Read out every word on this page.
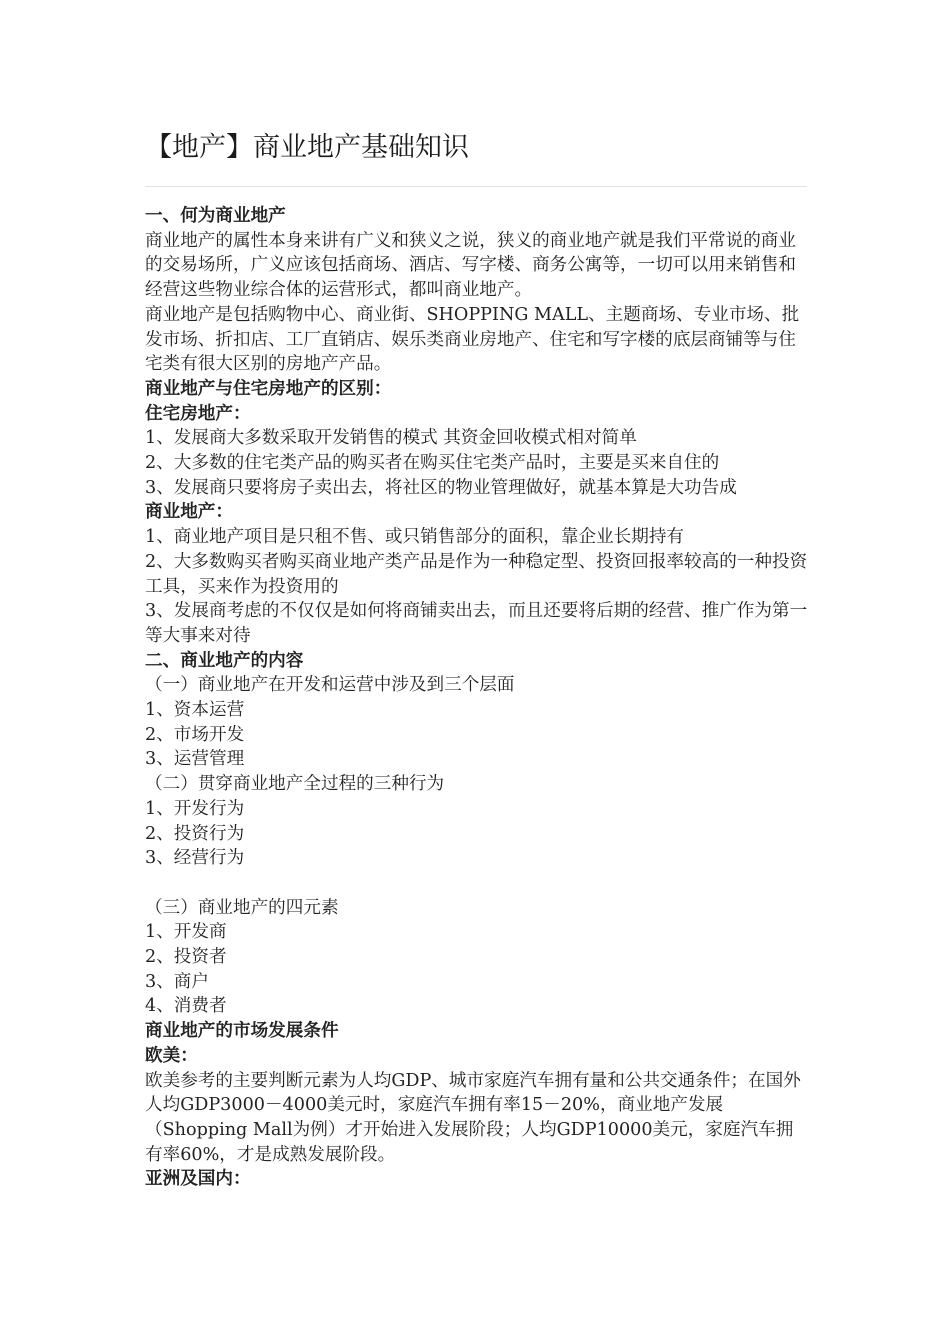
【地产】商业地产基础知识

一、何为商业地产

商业地产的属性本身来讲有广义和狭义之说，狭义的商业地产就是我们平常说的商业的交易场所，广义应该包括商场、酒店、写字楼、商务公寓等，一切可以用来销售和经营这些物业综合体的运营形式，都叫商业地产。

商业地产是包括购物中心、商业街、SHOPPING MALL、主题商场、专业市场、批发市场、折扣店、工厂直销店、娱乐类商业房地产、住宅和写字楼的底层商铺等与住宅类有很大区别的房地产产品。

商业地产与住宅房地产的区别：

住宅房地产：

1、发展商大多数采取开发销售的模式 其资金回收模式相对简单

2、大多数的住宅类产品的购买者在购买住宅类产品时，主要是买来自住的

3、发展商只要将房子卖出去，将社区的物业管理做好，就基本算是大功告成

商业地产：

1、商业地产项目是只租不售、或只销售部分的面积，靠企业长期持有

2、大多数购买者购买商业地产类产品是作为一种稳定型、投资回报率较高的一种投资工具，买来作为投资用的

3、发展商考虑的不仅仅是如何将商铺卖出去，而且还要将后期的经营、推广作为第一等大事来对待

二、商业地产的内容

（一）商业地产在开发和运营中涉及到三个层面

1、资本运营

2、市场开发

3、运营管理

（二）贯穿商业地产全过程的三种行为

1、开发行为

2、投资行为

3、经营行为

（三）商业地产的四元素

1、开发商

2、投资者

3、商户

4、消费者

商业地产的市场发展条件

欧美：

欧美参考的主要判断元素为人均GDP、城市家庭汽车拥有量和公共交通条件；在国外人均GDP3000－4000美元时，家庭汽车拥有率15－20%，商业地产发展（Shopping Mall为例）才开始进入发展阶段；人均GDP10000美元，家庭汽车拥有率60%，才是成熟发展阶段。

亚洲及国内：
